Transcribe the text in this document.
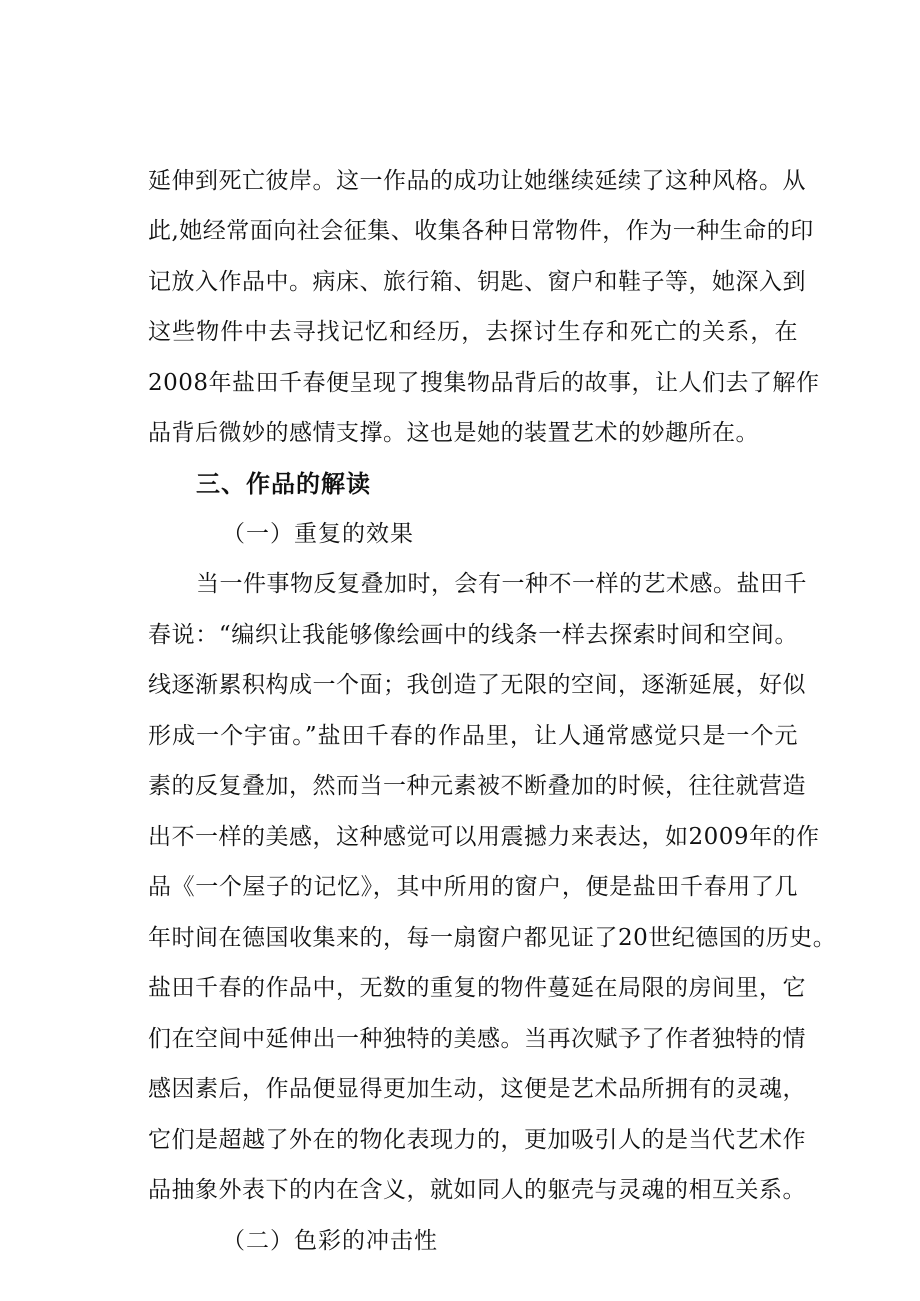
延伸到死亡彼岸。这一作品的成功让她继续延续了这种风格。从
此,她经常面向社会征集、收集各种日常物件，作为一种生命的印
记放入作品中。病床、旅行箱、钥匙、窗户和鞋子等，她深入到
这些物件中去寻找记忆和经历，去探讨生存和死亡的关系，在
2008年盐田千春便呈现了搜集物品背后的故事，让人们去了解作
品背后微妙的感情支撑。这也是她的装置艺术的妙趣所在。
三、作品的解读
（一）重复的效果
当一件事物反复叠加时，会有一种不一样的艺术感。盐田千
春说：“编织让我能够像绘画中的线条一样去探索时间和空间。
线逐渐累积构成一个面；我创造了无限的空间，逐渐延展，好似
形成一个宇宙。”盐田千春的作品里，让人通常感觉只是一个元
素的反复叠加，然而当一种元素被不断叠加的时候，往往就营造
出不一样的美感，这种感觉可以用震撼力来表达，如2009年的作
品《一个屋子的记忆》，其中所用的窗户，便是盐田千春用了几
年时间在德国收集来的，每一扇窗户都见证了20世纪德国的历史。
盐田千春的作品中，无数的重复的物件蔓延在局限的房间里，它
们在空间中延伸出一种独特的美感。当再次赋予了作者独特的情
感因素后，作品便显得更加生动，这便是艺术品所拥有的灵魂，
它们是超越了外在的物化表现力的，更加吸引人的是当代艺术作
品抽象外表下的内在含义，就如同人的躯壳与灵魂的相互关系。
（二）色彩的冲击性
